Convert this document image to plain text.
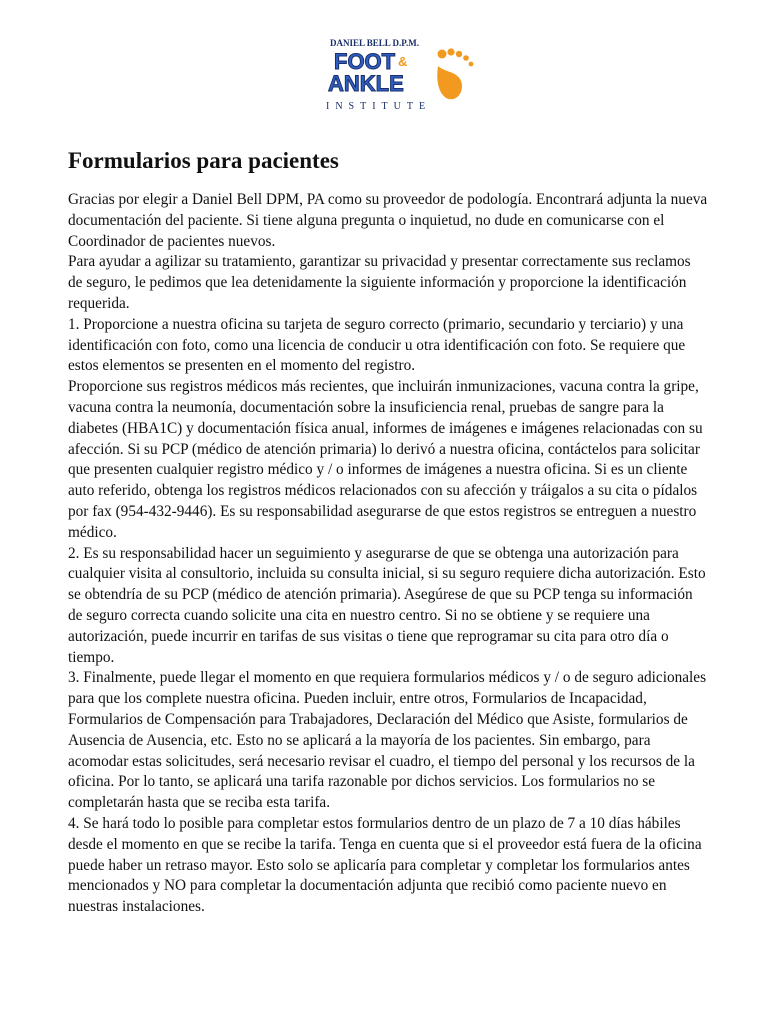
DANIEL BELL D.P.M.
FOOT &
ANKLE
INSTITUTE
Formularios para pacientes

Gracias por elegir a Daniel Bell DPM, PA como su proveedor de podología. Encontrará adjunta la nueva documentación del paciente. Si tiene alguna pregunta o inquietud, no dude en comunicarse con el Coordinador de pacientes nuevos.

Para ayudar a agilizar su tratamiento, garantizar su privacidad y presentar correctamente sus reclamos de seguro, le pedimos que lea detenidamente la siguiente información y proporcione la identificación requerida.

1. Proporcione a nuestra oficina su tarjeta de seguro correcto (primario, secundario y terciario) y una identificación con foto, como una licencia de conducir u otra identificación con foto. Se requiere que estos elementos se presenten en el momento del registro.

Proporcione sus registros médicos más recientes, que incluirán inmunizaciones, vacuna contra la gripe, vacuna contra la neumonía, documentación sobre la insuficiencia renal, pruebas de sangre para la diabetes (HBA1C) y documentación física anual, informes de imágenes e imágenes relacionadas con su afección. Si su PCP (médico de atención primaria) lo derivó a nuestra oficina, contáctelos para solicitar que presenten cualquier registro médico y / o informes de imágenes a nuestra oficina. Si es un cliente auto referido, obtenga los registros médicos relacionados con su afección y tráigalos a su cita o pídalos por fax (954-432-9446). Es su responsabilidad asegurarse de que estos registros se entreguen a nuestro médico.

2. Es su responsabilidad hacer un seguimiento y asegurarse de que se obtenga una autorización para cualquier visita al consultorio, incluida su consulta inicial, si su seguro requiere dicha autorización. Esto se obtendría de su PCP (médico de atención primaria). Asegúrese de que su PCP tenga su información de seguro correcta cuando solicite una cita en nuestro centro. Si no se obtiene y se requiere una autorización, puede incurrir en tarifas de sus visitas o tiene que reprogramar su cita para otro día o tiempo.

3. Finalmente, puede llegar el momento en que requiera formularios médicos y / o de seguro adicionales para que los complete nuestra oficina. Pueden incluir, entre otros, Formularios de Incapacidad, Formularios de Compensación para Trabajadores, Declaración del Médico que Asiste, formularios de Ausencia de Ausencia, etc. Esto no se aplicará a la mayoría de los pacientes. Sin embargo, para acomodar estas solicitudes, será necesario revisar el cuadro, el tiempo del personal y los recursos de la oficina. Por lo tanto, se aplicará una tarifa razonable por dichos servicios. Los formularios no se completarán hasta que se reciba esta tarifa.

4. Se hará todo lo posible para completar estos formularios dentro de un plazo de 7 a 10 días hábiles desde el momento en que se recibe la tarifa. Tenga en cuenta que si el proveedor está fuera de la oficina puede haber un retraso mayor. Esto solo se aplicaría para completar y completar los formularios antes mencionados y NO para completar la documentación adjunta que recibió como paciente nuevo en nuestras instalaciones.
